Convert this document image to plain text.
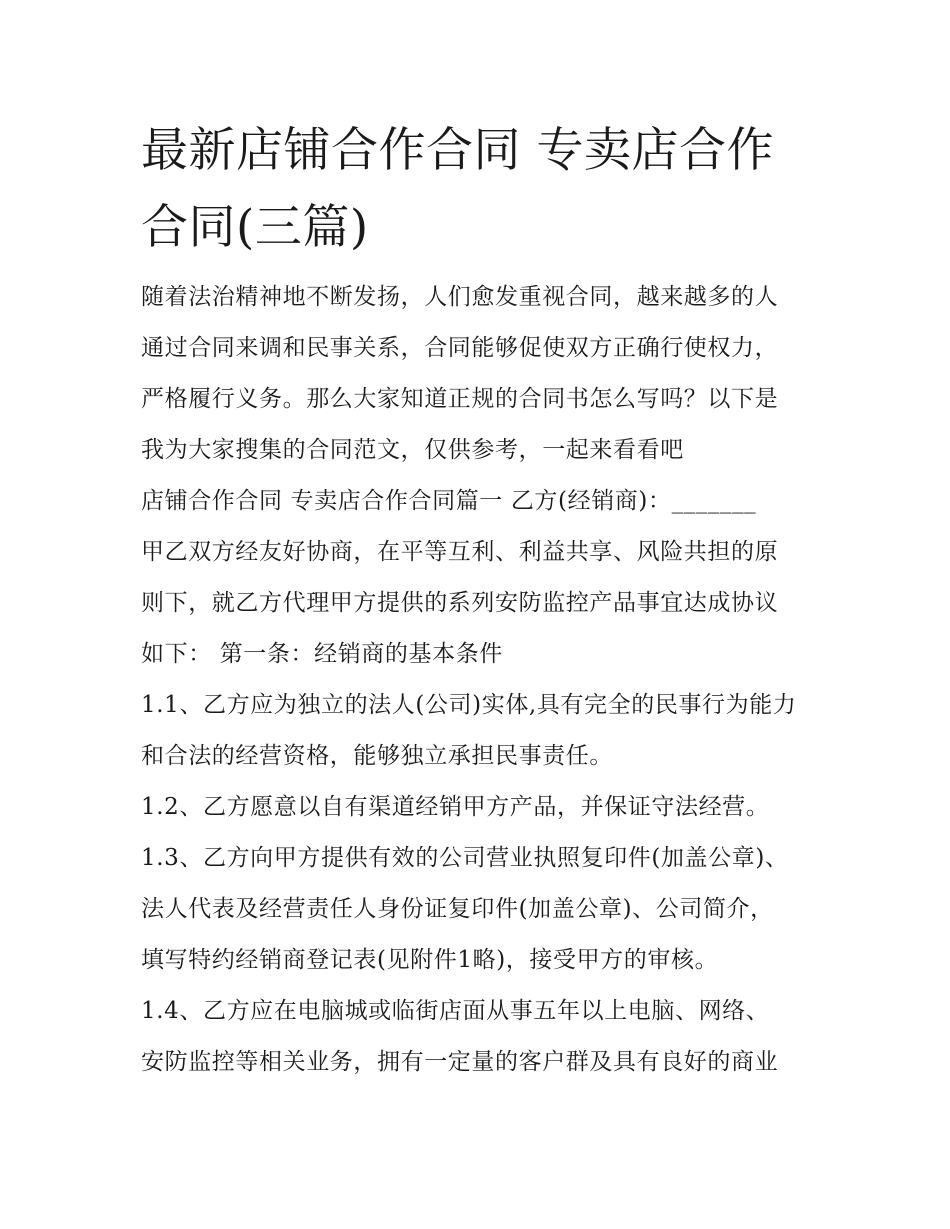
最新店铺合作合同 专卖店合作
合同(三篇)
随着法治精神地不断发扬，人们愈发重视合同，越来越多的人
通过合同来调和民事关系，合同能够促使双方正确行使权力，
严格履行义务。那么大家知道正规的合同书怎么写吗？以下是
我为大家搜集的合同范文，仅供参考，一起来看看吧
店铺合作合同 专卖店合作合同篇一 乙方(经销商)：_______
甲乙双方经友好协商，在平等互利、利益共享、风险共担的原
则下，就乙方代理甲方提供的系列安防监控产品事宜达成协议
如下： 第一条：经销商的基本条件
1.1、乙方应为独立的法人(公司)实体,具有完全的民事行为能力
和合法的经营资格，能够独立承担民事责任。
1.2、乙方愿意以自有渠道经销甲方产品，并保证守法经营。
1.3、乙方向甲方提供有效的公司营业执照复印件(加盖公章)、
法人代表及经营责任人身份证复印件(加盖公章)、公司简介，
填写特约经销商登记表(见附件1略)，接受甲方的审核。
1.4、乙方应在电脑城或临街店面从事五年以上电脑、网络、
安防监控等相关业务，拥有一定量的客户群及具有良好的商业
